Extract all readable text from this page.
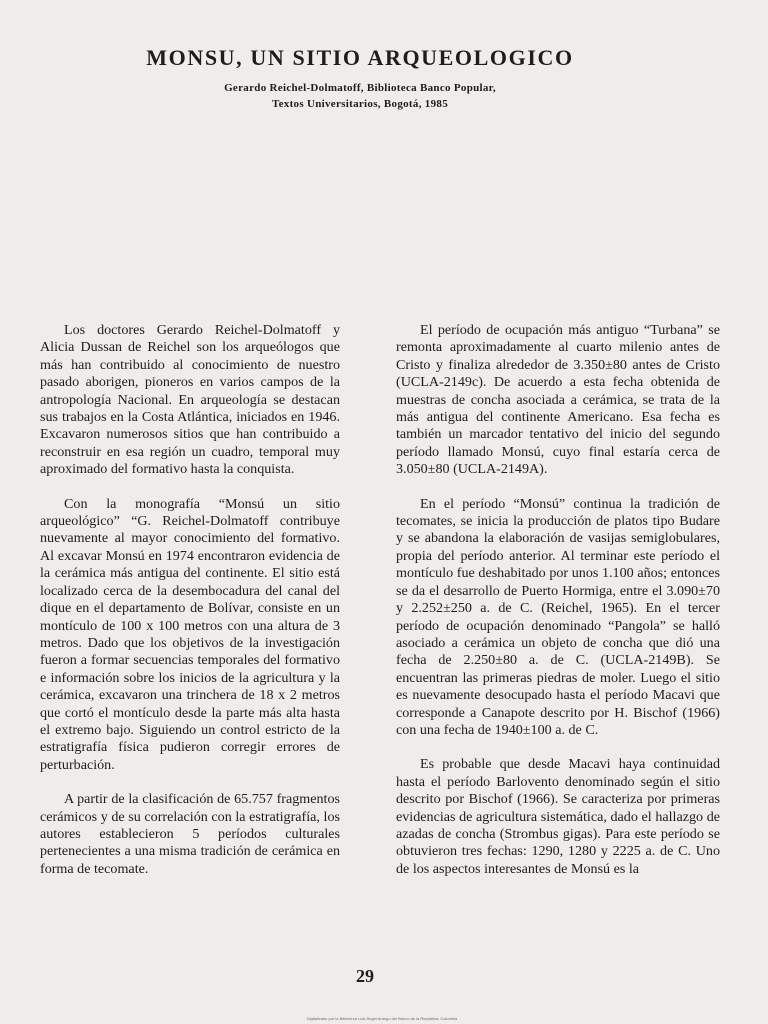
MONSU, UN SITIO ARQUEOLOGICO
Gerardo Reichel-Dolmatoff, Biblioteca Banco Popular,
Textos Universitarios, Bogotá, 1985

Los doctores Gerardo Reichel-Dolmatoff y Alicia Dussan de Reichel son los arqueólogos que más han contribuido al conocimiento de nuestro pasado aborigen, pioneros en varios campos de la antropología Nacional. En arqueología se destacan sus trabajos en la Costa Atlántica, iniciados en 1946. Excavaron numerosos sitios que han contribuido a reconstruir en esa región un cuadro, temporal muy aproximado del formativo hasta la conquista.

Con la monografía “Monsú un sitio arqueológico” “G. Reichel-Dolmatoff contribuye nuevamente al mayor conocimiento del formativo. Al excavar Monsú en 1974 encontraron evidencia de la cerámica más antigua del continente. El sitio está localizado cerca de la desembocadura del canal del dique en el departamento de Bolívar, consiste en un montículo de 100 x 100 metros con una altura de 3 metros. Dado que los objetivos de la investigación fueron a formar secuencias temporales del formativo e información sobre los inicios de la agricultura y la cerámica, excavaron una trinchera de 18 x 2 metros que cortó el montículo desde la parte más alta hasta el extremo bajo. Siguiendo un control estricto de la estratigrafía física pudieron corregir errores de perturbación.

A partir de la clasificación de 65.757 fragmentos cerámicos y de su correlación con la estratigrafía, los autores establecieron 5 períodos culturales pertenecientes a una misma tradición de cerámica en forma de tecomate.

El período de ocupación más antiguo “Turbana” se remonta aproximadamente al cuarto milenio antes de Cristo y finaliza alrededor de 3.350±80 antes de Cristo (UCLA-2149c). De acuerdo a esta fecha obtenida de muestras de concha asociada a cerámica, se trata de la más antigua del continente Americano. Esa fecha es también un marcador tentativo del inicio del segundo período llamado Monsú, cuyo final estaría cerca de 3.050±80 (UCLA-2149A).

En el período “Monsú” continua la tradición de tecomates, se inicia la producción de platos tipo Budare y se abandona la elaboración de vasijas semiglobulares, propia del período anterior. Al terminar este período el montículo fue deshabitado por unos 1.100 años; entonces se da el desarrollo de Puerto Hormiga, entre el 3.090±70 y 2.252±250 a. de C. (Reichel, 1965). En el tercer período de ocupación denominado “Pangola” se halló asociado a cerámica un objeto de concha que dió una fecha de 2.250±80 a. de C. (UCLA-2149B). Se encuentran las primeras piedras de moler. Luego el sitio es nuevamente desocupado hasta el período Macavi que corresponde a Canapote descrito por H. Bischof (1966) con una fecha de 1940±100 a. de C.

Es probable que desde Macavi haya continuidad hasta el período Barlovento denominado según el sitio descrito por Bischof (1966). Se caracteriza por primeras evidencias de agricultura sistemática, dado el hallazgo de azadas de concha (Strombus gigas). Para este período se obtuvieron tres fechas: 1290, 1280 y 2225 a. de C. Uno de los aspectos interesantes de Monsú es la

29
Digitalizado por la Biblioteca Luis Ángel Arango del Banco de la República, Colombia
